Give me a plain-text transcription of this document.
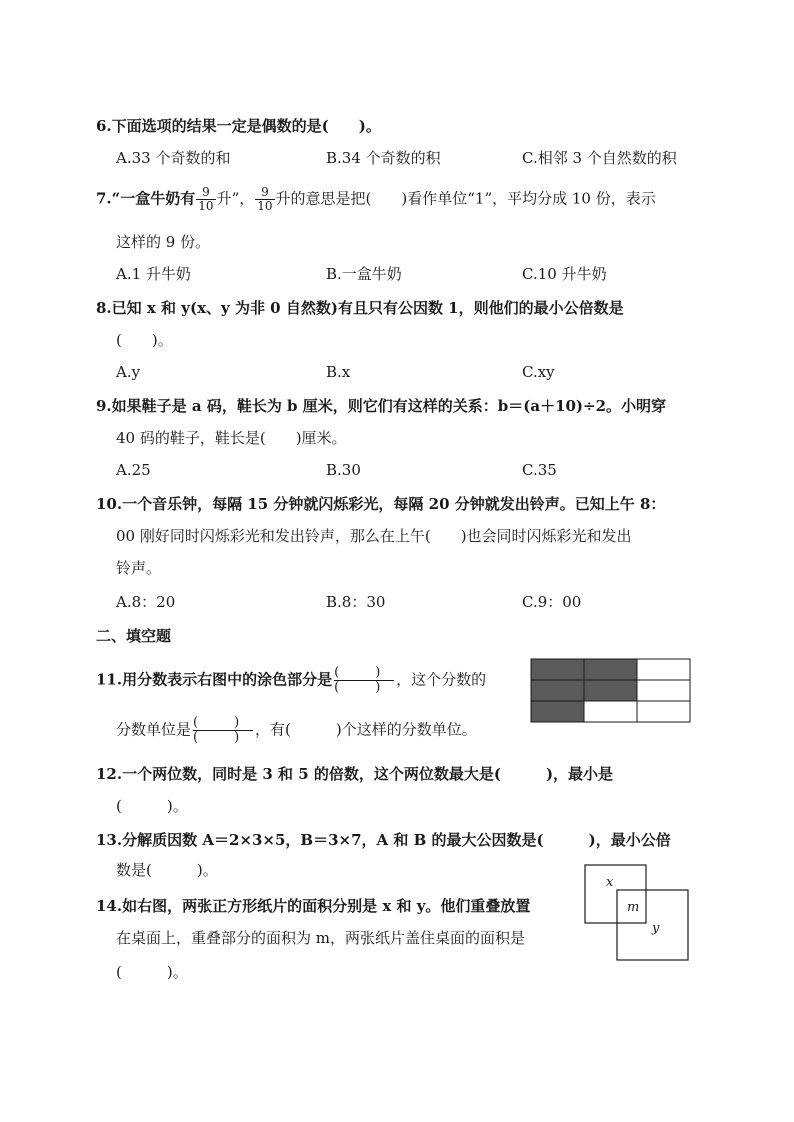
6.下面选项的结果一定是偶数的是(　　)。
A.33 个奇数的和	B.34 个奇数的积	C.相邻 3 个自然数的积
7.“一盒牛奶有 $\frac{9}{10}$ 升”， $\frac{9}{10}$ 升的意思是把(　　)看作单位“1”，平均分成 10 份，表示
这样的 9 份。
A.1 升牛奶	B.一盒牛奶	C.10 升牛奶
8.已知 x 和 y(x、y 为非 0 自然数)有且只有公因数 1，则他们的最小公倍数是
(　　)。
A.y	B.x	C.xy
9.如果鞋子是 a 码，鞋长为 b 厘米，则它们有这样的关系：b＝(a＋10)÷2。小明穿
40 码的鞋子，鞋长是(　　)厘米。
A.25	B.30	C.35
10.一个音乐钟，每隔 15 分钟就闪烁彩光，每隔 20 分钟就发出铃声。已知上午 8：
00 刚好同时闪烁彩光和发出铃声，那么在上午(　　)也会同时闪烁彩光和发出
铃声。
A.8：20	B.8：30	C.9：00
二、填空题
11.用分数表示右图中的涂色部分是 (	)
(	) ，这个分数的
分数单位是 (	)
(	) ，有(　　　)个这样的分数单位。
12.一个两位数，同时是 3 和 5 的倍数，这个两位数最大是(　　　)，最小是
(　　　)。
13.分解质因数 A＝2×3×5，B＝3×7，A 和 B 的最大公因数是(　　　)，最小公倍
数是(　　　)。
14.如右图，两张正方形纸片的面积分别是 x 和 y。他们重叠放置
在桌面上，重叠部分的面积为 m，两张纸片盖住桌面的面积是
(　　　)。
x
m
y
